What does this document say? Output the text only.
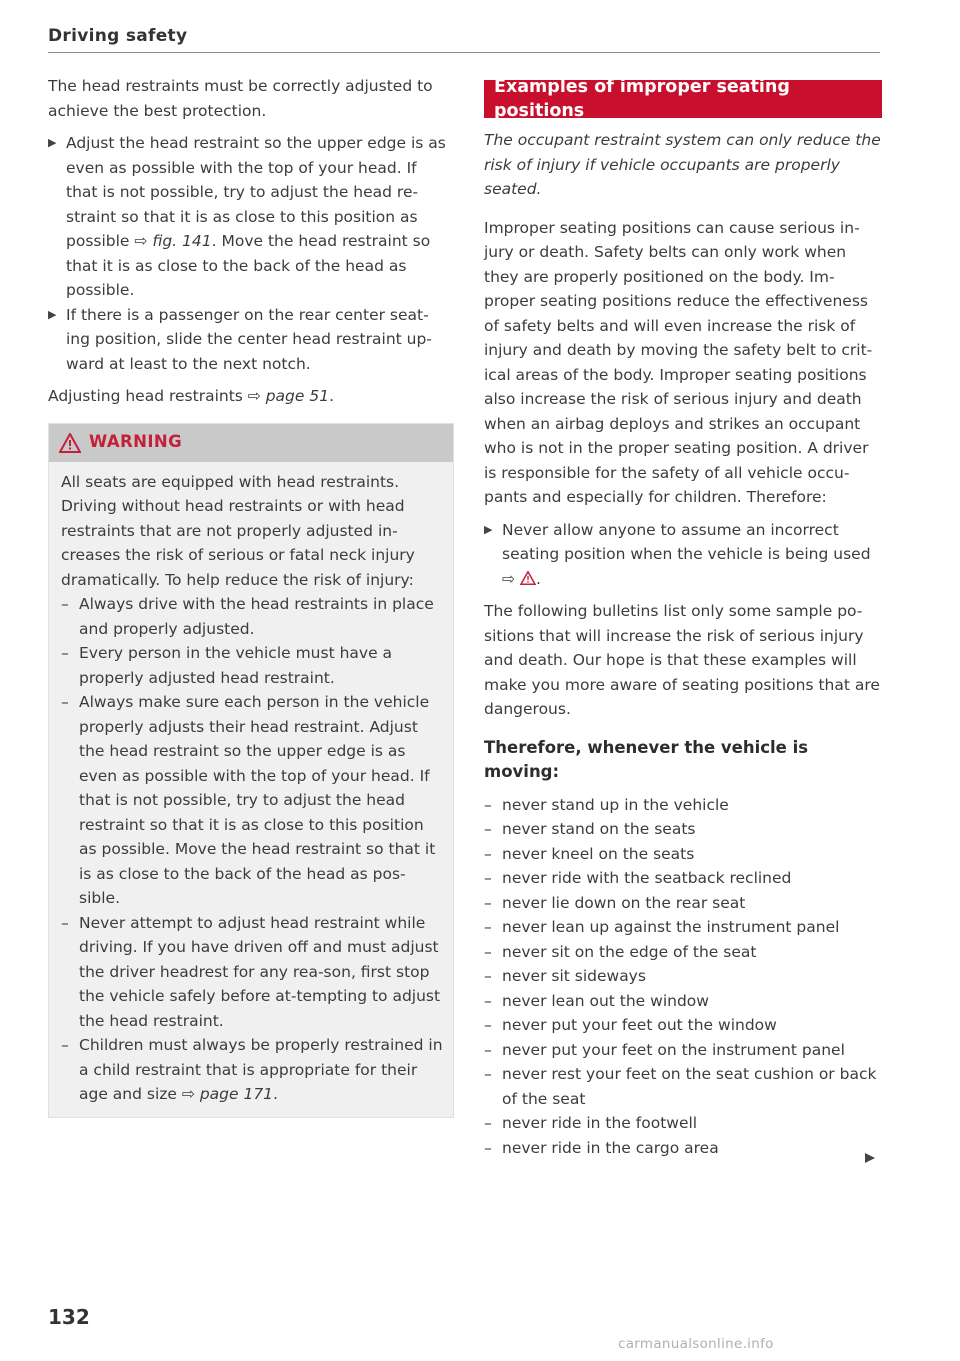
Driving safety

The head restraints must be correctly adjusted to achieve the best protection.

▶ Adjust the head restraint so the upper edge is as even as possible with the top of your head. If that is not possible, try to adjust the head re-straint so that it is as close to this position as possible ⇨ fig. 141. Move the head restraint so that it is as close to the back of the head as possible.
▶ If there is a passenger on the rear center seat-ing position, slide the center head restraint up-ward at least to the next notch.

Adjusting head restraints ⇨ page 51.

WARNING

All seats are equipped with head restraints. Driving without head restraints or with head restraints that are not properly adjusted in-creases the risk of serious or fatal neck injury dramatically. To help reduce the risk of injury:

– Always drive with the head restraints in place and properly adjusted.
– Every person in the vehicle must have a properly adjusted head restraint.
– Always make sure each person in the vehicle properly adjusts their head restraint. Adjust the head restraint so the upper edge is as even as possible with the top of your head. If that is not possible, try to adjust the head restraint so that it is as close to this position as possible. Move the head restraint so that it is as close to the back of the head as pos-sible.
– Never attempt to adjust head restraint while driving. If you have driven off and must adjust the driver headrest for any rea-son, first stop the vehicle safely before at-tempting to adjust the head restraint.
– Children must always be properly restrained in a child restraint that is appropriate for their age and size ⇨ page 171.
Examples of improper seating positions

The occupant restraint system can only reduce the risk of injury if vehicle occupants are properly seated.

Improper seating positions can cause serious in-jury or death. Safety belts can only work when they are properly positioned on the body. Im-proper seating positions reduce the effectiveness of safety belts and will even increase the risk of injury and death by moving the safety belt to crit-ical areas of the body. Improper seating positions also increase the risk of serious injury and death when an airbag deploys and strikes an occupant who is not in the proper seating position. A driver is responsible for the safety of all vehicle occu-pants and especially for children. Therefore:

▶ Never allow anyone to assume an incorrect seating position when the vehicle is being used
⇨ .

The following bulletins list only some sample po-sitions that will increase the risk of serious injury and death. Our hope is that these examples will make you more aware of seating positions that are dangerous.

Therefore, whenever the vehicle is moving:
– never stand up in the vehicle
– never stand on the seats
– never kneel on the seats
– never ride with the seatback reclined
– never lie down on the rear seat
– never lean up against the instrument panel
– never sit on the edge of the seat
– never sit sideways
– never lean out the window
– never put your feet out the window
– never put your feet on the instrument panel
– never rest your feet on the seat cushion or back of the seat
– never ride in the footwell
– never ride in the cargo area
132
carmanualsonline.info
